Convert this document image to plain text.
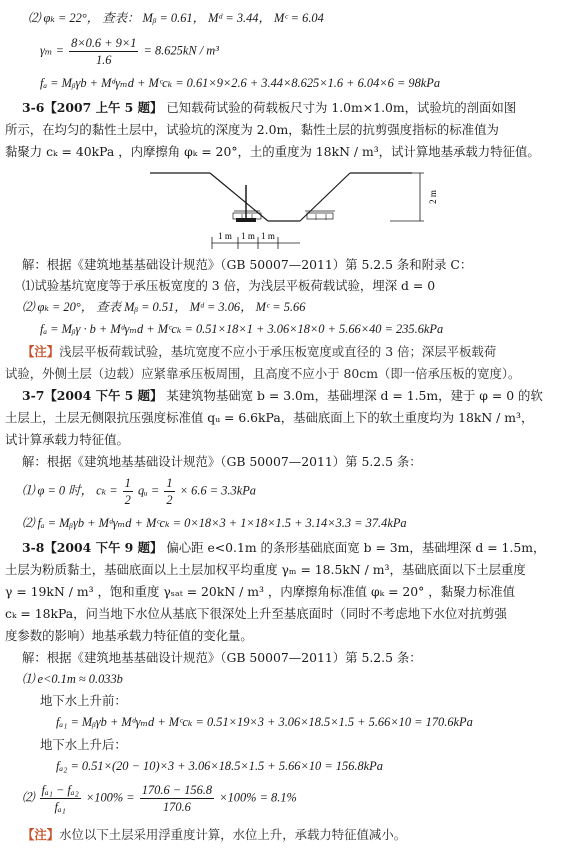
⑵ φₖ = 22°， 查表： Mᵦ = 0.61， Mᵈ = 3.44， Mᶜ = 6.04
$\gamma_m = \frac{8\times 0.6 + 9\times 1}{1.6} = 8.625kN / m^3$
fₐ = Mᵦγb + Mᵈγₘd + Mᶜcₖ = 0.61×9×2.6 + 3.44×8.625×1.6 + 6.04×6 = 98kPa
3-6【2007 上午 5 题】 已知载荷试验的荷载板尺寸为 1.0m×1.0m，试验坑的剖面如图
所示，在均匀的黏性土层中，试验坑的深度为 2.0m，黏性土层的抗剪强度指标的标准值为
黏聚力 cₖ = 40kPa ，内摩擦角 φₖ = 20°，土的重度为 18kN / m³，试计算地基承载力特征值。
2 m
1 m 1 m 1 m
解：根据《建筑地基基础设计规范》（GB 50007—2011）第 5.2.5 条和附录 C：
⑴试验基坑宽度等于承压板宽度的 3 倍，为浅层平板荷载试验，埋深 d = 0
⑵ φₖ = 20°， 查表 Mᵦ = 0.51， Mᵈ = 3.06， Mᶜ = 5.66
fₐ = Mᵦγ · b + Mᵈγₘd + Mᶜcₖ = 0.51×18×1 + 3.06×18×0 + 5.66×40 = 235.6kPa
【注】浅层平板荷载试验，基坑宽度不应小于承压板宽度或直径的 3 倍；深层平板载荷
试验，外侧土层（边载）应紧靠承压板周围，且高度不应小于 80cm（即一倍承压板的宽度）。
3-7【2004 下午 5 题】 某建筑物基础宽 b = 3.0m，基础埋深 d = 1.5m，建于 φ = 0 的软
土层上，土层无侧限抗压强度标准值 qᵤ = 6.6kPa，基础底面上下的软土重度均为 18kN / m³，
试计算承载力特征值。
解：根据《建筑地基基础设计规范》（GB 50007—2011）第 5.2.5 条：
⑴ φ = 0 时， $c_k = \frac{1}{2}$ qᵤ = $\frac{1}{2} \times 6.6 = 3.3kPa$
⑵ fₐ = Mᵦγb + Mᵈγₘd + Mᶜcₖ = 0×18×3 + 1×18×1.5 + 3.14×3.3 = 37.4kPa
3-8【2004 下午 9 题】 偏心距 e<0.1m 的条形基础底面宽 b = 3m，基础埋深 d = 1.5m，
土层为粉质黏土，基础底面以上土层加权平均重度 γₘ = 18.5kN / m³，基础底面以下土层重度
γ = 19kN / m³ ，饱和重度 γₛₐₜ = 20kN / m³ ，内摩擦角标准值 φₖ = 20° ，黏聚力标准值
cₖ = 18kPa，问当地下水位从基底下很深处上升至基底面时（同时不考虑地下水位对抗剪强
度参数的影响）地基承载力特征值的变化量。
解：根据《建筑地基基础设计规范》（GB 50007—2011）第 5.2.5 条：
⑴ e<0.1m ≈ 0.033b
地下水上升前：
fₐ₁ = Mᵦγb + Mᵈγₘd + Mᶜcₖ = 0.51×19×3 + 3.06×18.5×1.5 + 5.66×10 = 170.6kPa
地下水上升后：
fₐ₂ = 0.51×(20 − 10)×3 + 3.06×18.5×1.5 + 5.66×10 = 156.8kPa
⑵ $\frac{\text{fₐ₁ − fₐ₂}}{\text{fₐ₁}} \times 100\% = \frac{170.6 - 156.8}{170.6} \times 100\% = 8.1\%$
【注】水位以下土层采用浮重度计算，水位上升，承载力特征值减小。
